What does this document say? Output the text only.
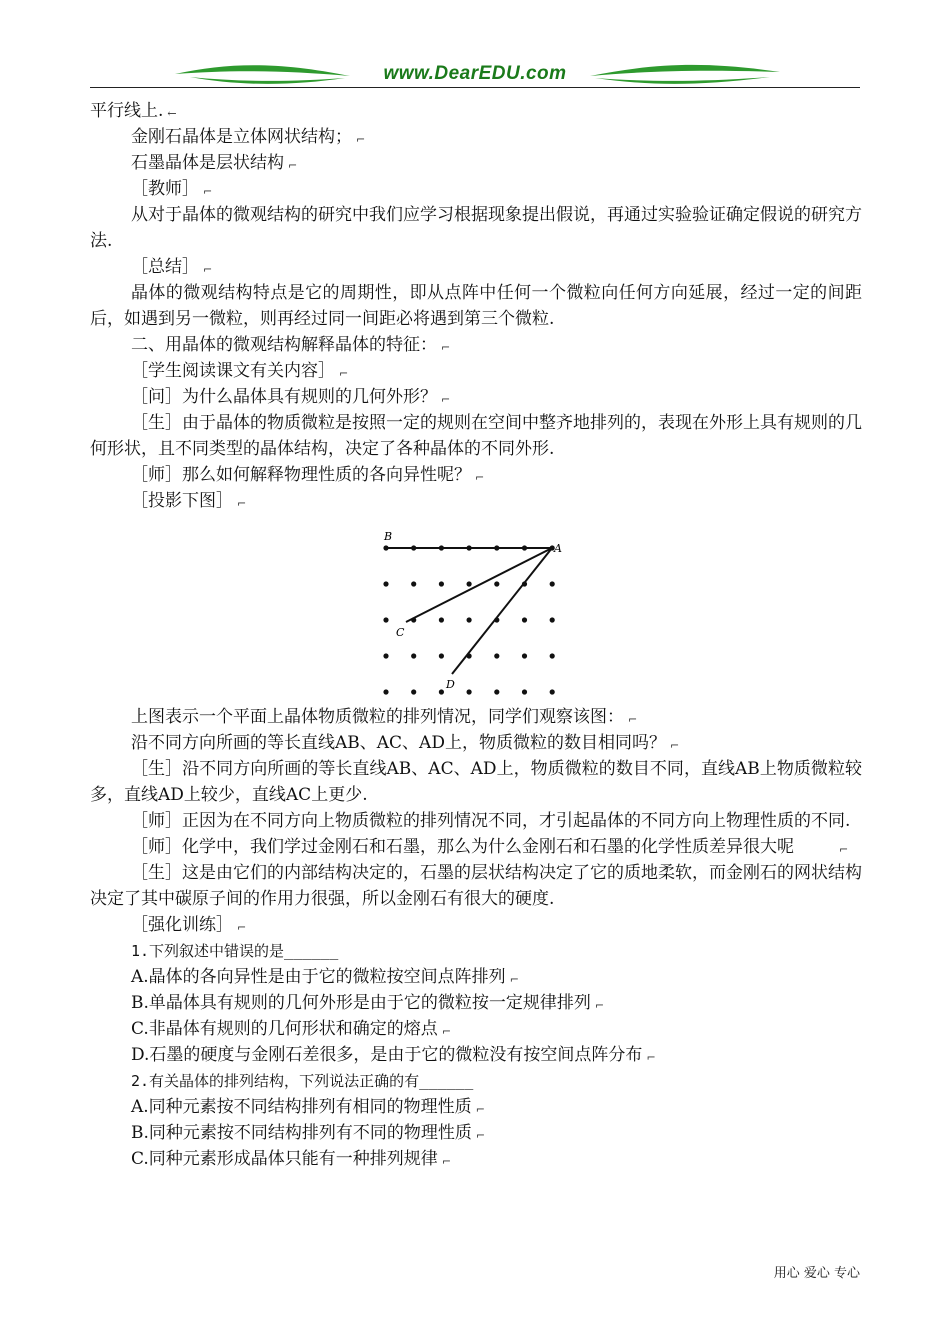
www.DearEDU.com
平行线上. ←
金刚石晶体是立体网状结构； ⌐
石墨晶体是层状结构 ⌐
［教师］ ⌐
从对于晶体的微观结构的研究中我们应学习根据现象提出假说，再通过实验验证确定假说的研究方法.
［总结］ ⌐
晶体的微观结构特点是它的周期性，即从点阵中任何一个微粒向任何方向延展，经过一定的间距后，如遇到另一微粒，则再经过同一间距必将遇到第三个微粒.
二、用晶体的微观结构解释晶体的特征： ⌐
［学生阅读课文有关内容］ ⌐
［问］为什么晶体具有规则的几何外形？ ⌐
［生］由于晶体的物质微粒是按照一定的规则在空间中整齐地排列的，表现在外形上具有规则的几何形状，且不同类型的晶体结构，决定了各种晶体的不同外形.
［师］那么如何解释物理性质的各向异性呢？ ⌐
［投影下图］ ⌐
B
A
C
D
上图表示一个平面上晶体物质微粒的排列情况，同学们观察该图： ⌐
沿不同方向所画的等长直线AB、AC、AD上，物质微粒的数目相同吗？ ⌐
［生］沿不同方向所画的等长直线AB、AC、AD上，物质微粒的数目不同，直线AB上物质微粒较多，直线AD上较少，直线AC上更少.
［师］正因为在不同方向上物质微粒的排列情况不同，才引起晶体的不同方向上物理性质的不同.
［师］化学中，我们学过金刚石和石墨，那么为什么金刚石和石墨的化学性质差异很大呢	⌐
［生］这是由它们的内部结构决定的，石墨的层状结构决定了它的质地柔软，而金刚石的网状结构决定了其中碳原子间的作用力很强，所以金刚石有很大的硬度.
［强化训练］ ⌐
1.下列叙述中错误的是______
A.晶体的各向异性是由于它的微粒按空间点阵排列 ⌐
B.单晶体具有规则的几何外形是由于它的微粒按一定规律排列 ⌐
C.非晶体有规则的几何形状和确定的熔点 ⌐
D.石墨的硬度与金刚石差很多，是由于它的微粒没有按空间点阵分布 ⌐
2.有关晶体的排列结构，下列说法正确的有______
A.同种元素按不同结构排列有相同的物理性质 ⌐
B.同种元素按不同结构排列有不同的物理性质 ⌐
C.同种元素形成晶体只能有一种排列规律 ⌐
用心 爱心 专心
